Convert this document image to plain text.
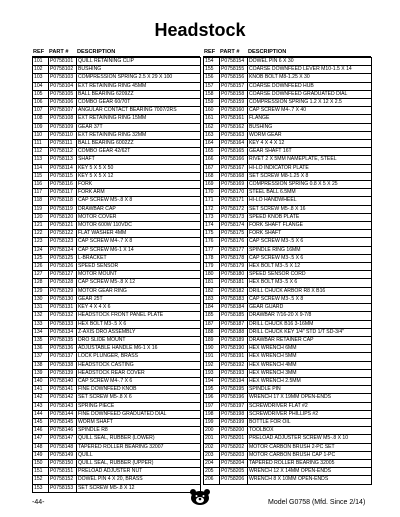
Headstock
REF PART #	DESCRIPTION
101	P0758101	QUILL RETAINING CLIP
102	P0758102	BUSHING
103	P0758103	COMPRESSION SPRING 2.5 X 29 X 100
104	P0758104	EXT RETAINING RING 45MM
105	P0758105	BALL BEARING 6209ZZ
106	P0758106	COMBO GEAR 60/70T
107	P0758107	ANGULAR CONTACT BEARING 7007/2RS
108	P0758108	EXT RETAINING RING 15MM
109	P0758109	GEAR 37T
110	P0758110	EXT RETAINING RING 32MM
111	P0758111	BALL BEARING 6002ZZ
112	P0758112	COMBO GEAR 42/62T
113	P0758113	SHAFT
114	P0758114	KEY 5 X 5 X 50
115	P0758115	KEY 5 X 5 X 12
116	P0758116	FORK
117	P0758117	FORK ARM
118	P0758118	CAP SCREW M5-.8 X 8
119	P0758119	DRAWBAR CAP
120	P0758120	MOTOR COVER
121	P0758121	MOTOR 600W 110VDC
122	P0758122	FLAT WASHER 4MM
123	P0758123	CAP SCREW M4-.7 X 8
124	P0758124	CAP SCREW M6-1 X 14
125	P0758125	L-BRACKET
126	P0758126	SPEED SENSOR
127	P0758127	MOTOR MOUNT
128	P0758128	CAP SCREW M5-.8 X 12
129	P0758129	MOTOR GEAR RING
130	P0758130	GEAR 25T
131	P0758131	KEY 4 X 4 X 6
132	P0758132	HEADSTOCK FRONT PANEL PLATE
133	P0758133	HEX BOLT M3-.5 X 6
134	P0758134	Z-AXIS DRO ASSEMBLY
135	P0758135	DRO SLIDE MOUNT
136	P0758136	ADJUSTABLE HANDLE M6-1 X 16
137	P0758137	LOCK PLUNGER, BRASS
138	P0758138	HEADSTOCK CASTING
139	P0758139	HEADSTOCK REAR COVER
140	P0758140	CAP SCREW M4-.7 X 6
141	P0758141	FINE DOWNFEED KNOB
142	P0758142	SET SCREW M5-.8 X 6
143	P0758143	SPRING PIECE
144	P0758144	FINE DOWNFEED GRADUATED DIAL
145	P0758145	WORM SHAFT
146	P0758146	SPINDLE R8
147	P0758147	QUILL SEAL, RUBBER (LOWER)
148	P0758148	TAPERED ROLLER BEARING 32007
149	P0758149	QUILL
150	P0758150	QUILL SEAL, RUBBER (UPPER)
151	P0758151	PRELOAD ADJUSTER NUT
152	P0758152	DOWEL PIN 4 X 20, BRASS
153	P0758153	SET SCREW M5-.8 X 12
REF PART #	DESCRIPTION
154	P0758154	DOWEL PIN 6 X 30
155	P0758155	COARSE DOWNFEED LEVER M10-1.5 X 14
156	P0758156	KNOB BOLT M8-1.25 X 30
157	P0758157	COARSE DOWNFEED HUB
158	P0758158	COARSE DOWNFEED GRADUATED DIAL
159	P0758159	COMPRESSION SPRING 1.2 X 12 X 2.5
160	P0758160	CAP SCREW M4-.7 X 40
161	P0758161	FLANGE
162	P0758162	BUSHING
163	P0758163	WORM GEAR
164	P0758164	KEY 4 X 4 X 12
165	P0758165	GEAR SHAFT 16T
166	P0758166	RIVET 2 X 5MM NAMEPLATE, STEEL
167	P0758167	HI-LO INDICATOR PLATE
168	P0758168	SET SCREW M8-1.25 X 8
169	P0758169	COMPRESSION SPRING 0.8 X 5 X 25
170	P0758170	STEEL BALL 6.5MM
171	P0758171	HI-LO HANDWHEEL
172	P0758172	SET SCREW M5-.8 X 16
173	P0758173	SPEED KNOB PLATE
174	P0758174	FORK SHAFT FLANGE
175	P0758175	FORK SHAFT
176	P0758176	CAP SCREW M3-.5 X 6
177	P0758177	SPINDLE RING 16MM
178	P0758178	CAP SCREW M3-.5 X 6
179	P0758179	HEX BOLT M3-.5 X 12
180	P0758180	SPEED SENSOR CORD
181	P0758181	HEX BOLT M3-.5 X 6
182	P0758182	DRILL CHUCK ARBOR R8 X B16
183	P0758183	CAP SCREW M3-.5 X 8
184	P0758184	GEAR GUARD
185	P0758185	DRAWBAR 7/16-20 X 9-7/8
187	P0758187	DRILL CHUCK B16 3-16MM
188	P0758188	DRILL CHUCK KEY 1/4" STD 1/T SD-3/4"
189	P0758189	DRAWBAR RETAINER CAP
190	P0758190	HEX WRENCH 6MM
191	P0758191	HEX WRENCH 5MM
192	P0758192	HEX WRENCH 4MM
193	P0758193	HEX WRENCH 3MM
194	P0758194	HEX WRENCH 2.5MM
195	P0758195	SPINDLE PIN
196	P0758196	WRENCH 17 X 19MM OPEN-ENDS
197	P0758197	SCREWDRIVER FLAT #2
198	P0758198	SCREWDRIVER PHILLIPS #2
199	P0758199	BOTTLE FOR OIL
200	P0758200	TOOLBOX
201	P0758201	PRELOAD ADJUSTER SCREW M5-.8 X 10
202	P0758202	MOTOR CARBON BRUSH 2-PC SET
203	P0758203	MOTOR CARBON BRUSH CAP 1-PC
204	P0758204	TAPERED ROLLER BEARING 32005
205	P0758205	WRENCH 12 X 14MM OPEN-ENDS
206	P0758206	WRENCH 8 X 10MM OPEN-ENDS
-44-	Model G0758 (Mfd. Since 2/14)
